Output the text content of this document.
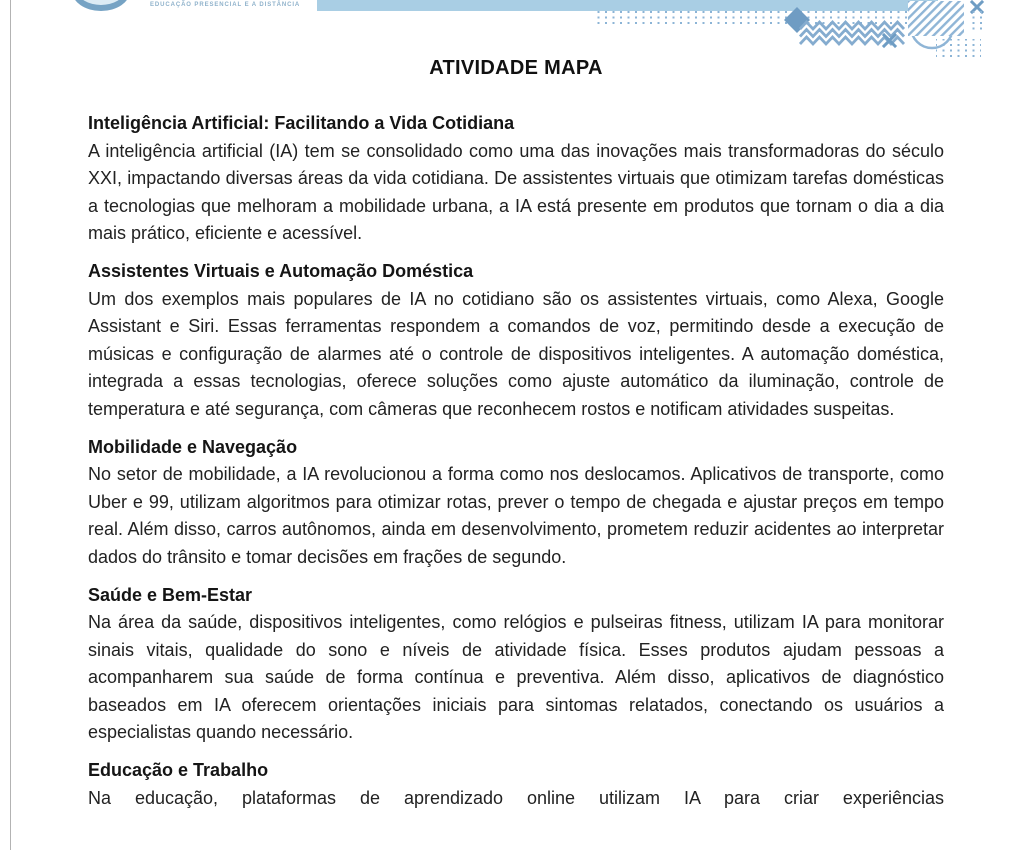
EDUCAÇÃO PRESENCIAL E A DISTÂNCIA
ATIVIDADE MAPA
Inteligência Artificial: Facilitando a Vida Cotidiana

A inteligência artificial (IA) tem se consolidado como uma das inovações mais transformadoras do século XXI, impactando diversas áreas da vida cotidiana. De assistentes virtuais que otimizam tarefas domésticas a tecnologias que melhoram a mobilidade urbana, a IA está presente em produtos que tornam o dia a dia mais prático, eficiente e acessível.

Assistentes Virtuais e Automação Doméstica

Um dos exemplos mais populares de IA no cotidiano são os assistentes virtuais, como Alexa, Google Assistant e Siri. Essas ferramentas respondem a comandos de voz, permitindo desde a execução de músicas e configuração de alarmes até o controle de dispositivos inteligentes. A automação doméstica, integrada a essas tecnologias, oferece soluções como ajuste automático da iluminação, controle de temperatura e até segurança, com câmeras que reconhecem rostos e notificam atividades suspeitas.

Mobilidade e Navegação

No setor de mobilidade, a IA revolucionou a forma como nos deslocamos. Aplicativos de transporte, como Uber e 99, utilizam algoritmos para otimizar rotas, prever o tempo de chegada e ajustar preços em tempo real. Além disso, carros autônomos, ainda em desenvolvimento, prometem reduzir acidentes ao interpretar dados do trânsito e tomar decisões em frações de segundo.

Saúde e Bem-Estar

Na área da saúde, dispositivos inteligentes, como relógios e pulseiras fitness, utilizam IA para monitorar sinais vitais, qualidade do sono e níveis de atividade física. Esses produtos ajudam pessoas a acompanharem sua saúde de forma contínua e preventiva. Além disso, aplicativos de diagnóstico baseados em IA oferecem orientações iniciais para sintomas relatados, conectando os usuários a especialistas quando necessário.

Educação e Trabalho

Na educação, plataformas de aprendizado online utilizam IA para criar experiências
